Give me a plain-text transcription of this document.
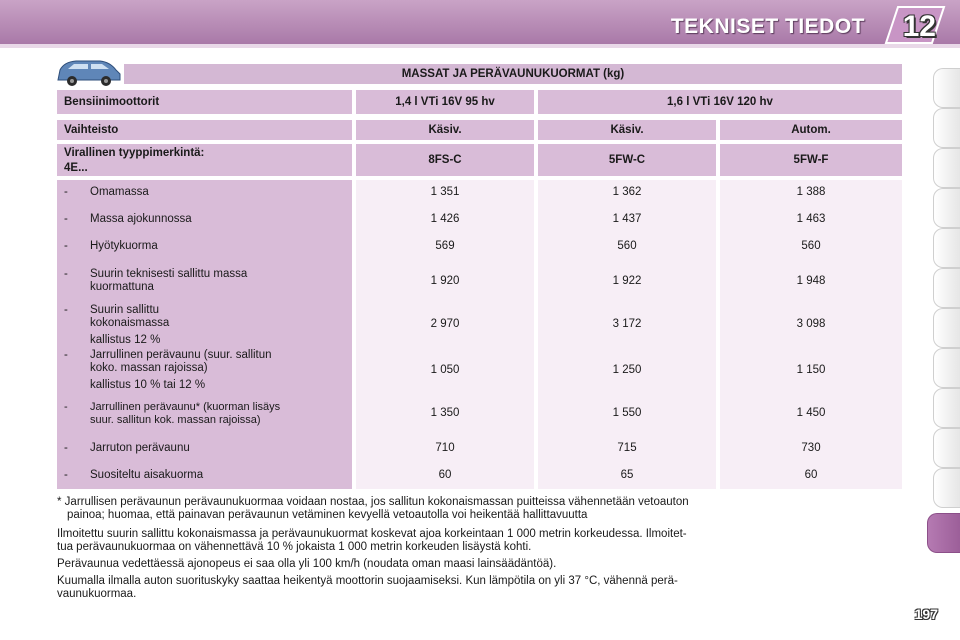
TEKNISET TIEDOT 12
MASSAT JA PERÄVAUNUKUORMAT (kg)
Bensiinimoottorit	1,4 l VTi 16V 95 hv	1,6 l VTi 16V 120 hv
Vaihteisto	Käsiv.	Käsiv.	Autom.
Virallinen tyyppimerkintä:
4E...
8FS-C	5FW-C	5FW-F
- Omamassa	1 351	1 362	1 388
- Massa ajokunnossa	1 426	1 437	1 463
- Hyötykuorma	569	560	560
- Suurin teknisesti sallittu massa
kuormattuna	1 920	1 922	1 948
- Suurin sallittu
kokonaismassa
kallistus 12 %
2 970	3 172	3 098
- Jarrullinen perävaunu (suur. sallitun
koko. massan rajoissa)
kallistus 10 % tai 12 %
1 050	1 250	1 150
- Jarrullinen perävaunu* (kuorman lisäys
suur. sallitun kok. massan rajoissa)
1 350	1 550	1 450
- Jarruton perävaunu	710	715	730
- Suositeltu aisakuorma	60	65	60
* Jarrullisen perävaunun perävaunukuormaa voidaan nostaa, jos sallitun kokonaismassan puitteissa vähennetään vetoauton
painoa; huomaa, että painavan perävaunun vetäminen kevyellä vetoautolla voi heikentää hallittavuutta
Ilmoitettu suurin sallittu kokonaismassa ja perävaunukuormat koskevat ajoa korkeintaan 1 000 metrin korkeudessa. Ilmoitet-
tua perävaunukuormaa on vähennettävä 10 % jokaista 1 000 metrin korkeuden lisäystä kohti.
Perävaunua vedettäessä ajonopeus ei saa olla yli 100 km/h (noudata oman maasi lainsäädäntöä).
Kuumalla ilmalla auton suorituskyky saattaa heikentyä moottorin suojaamiseksi. Kun lämpötila on yli 37 °C, vähennä perä-
vaunukuormaa.
197
